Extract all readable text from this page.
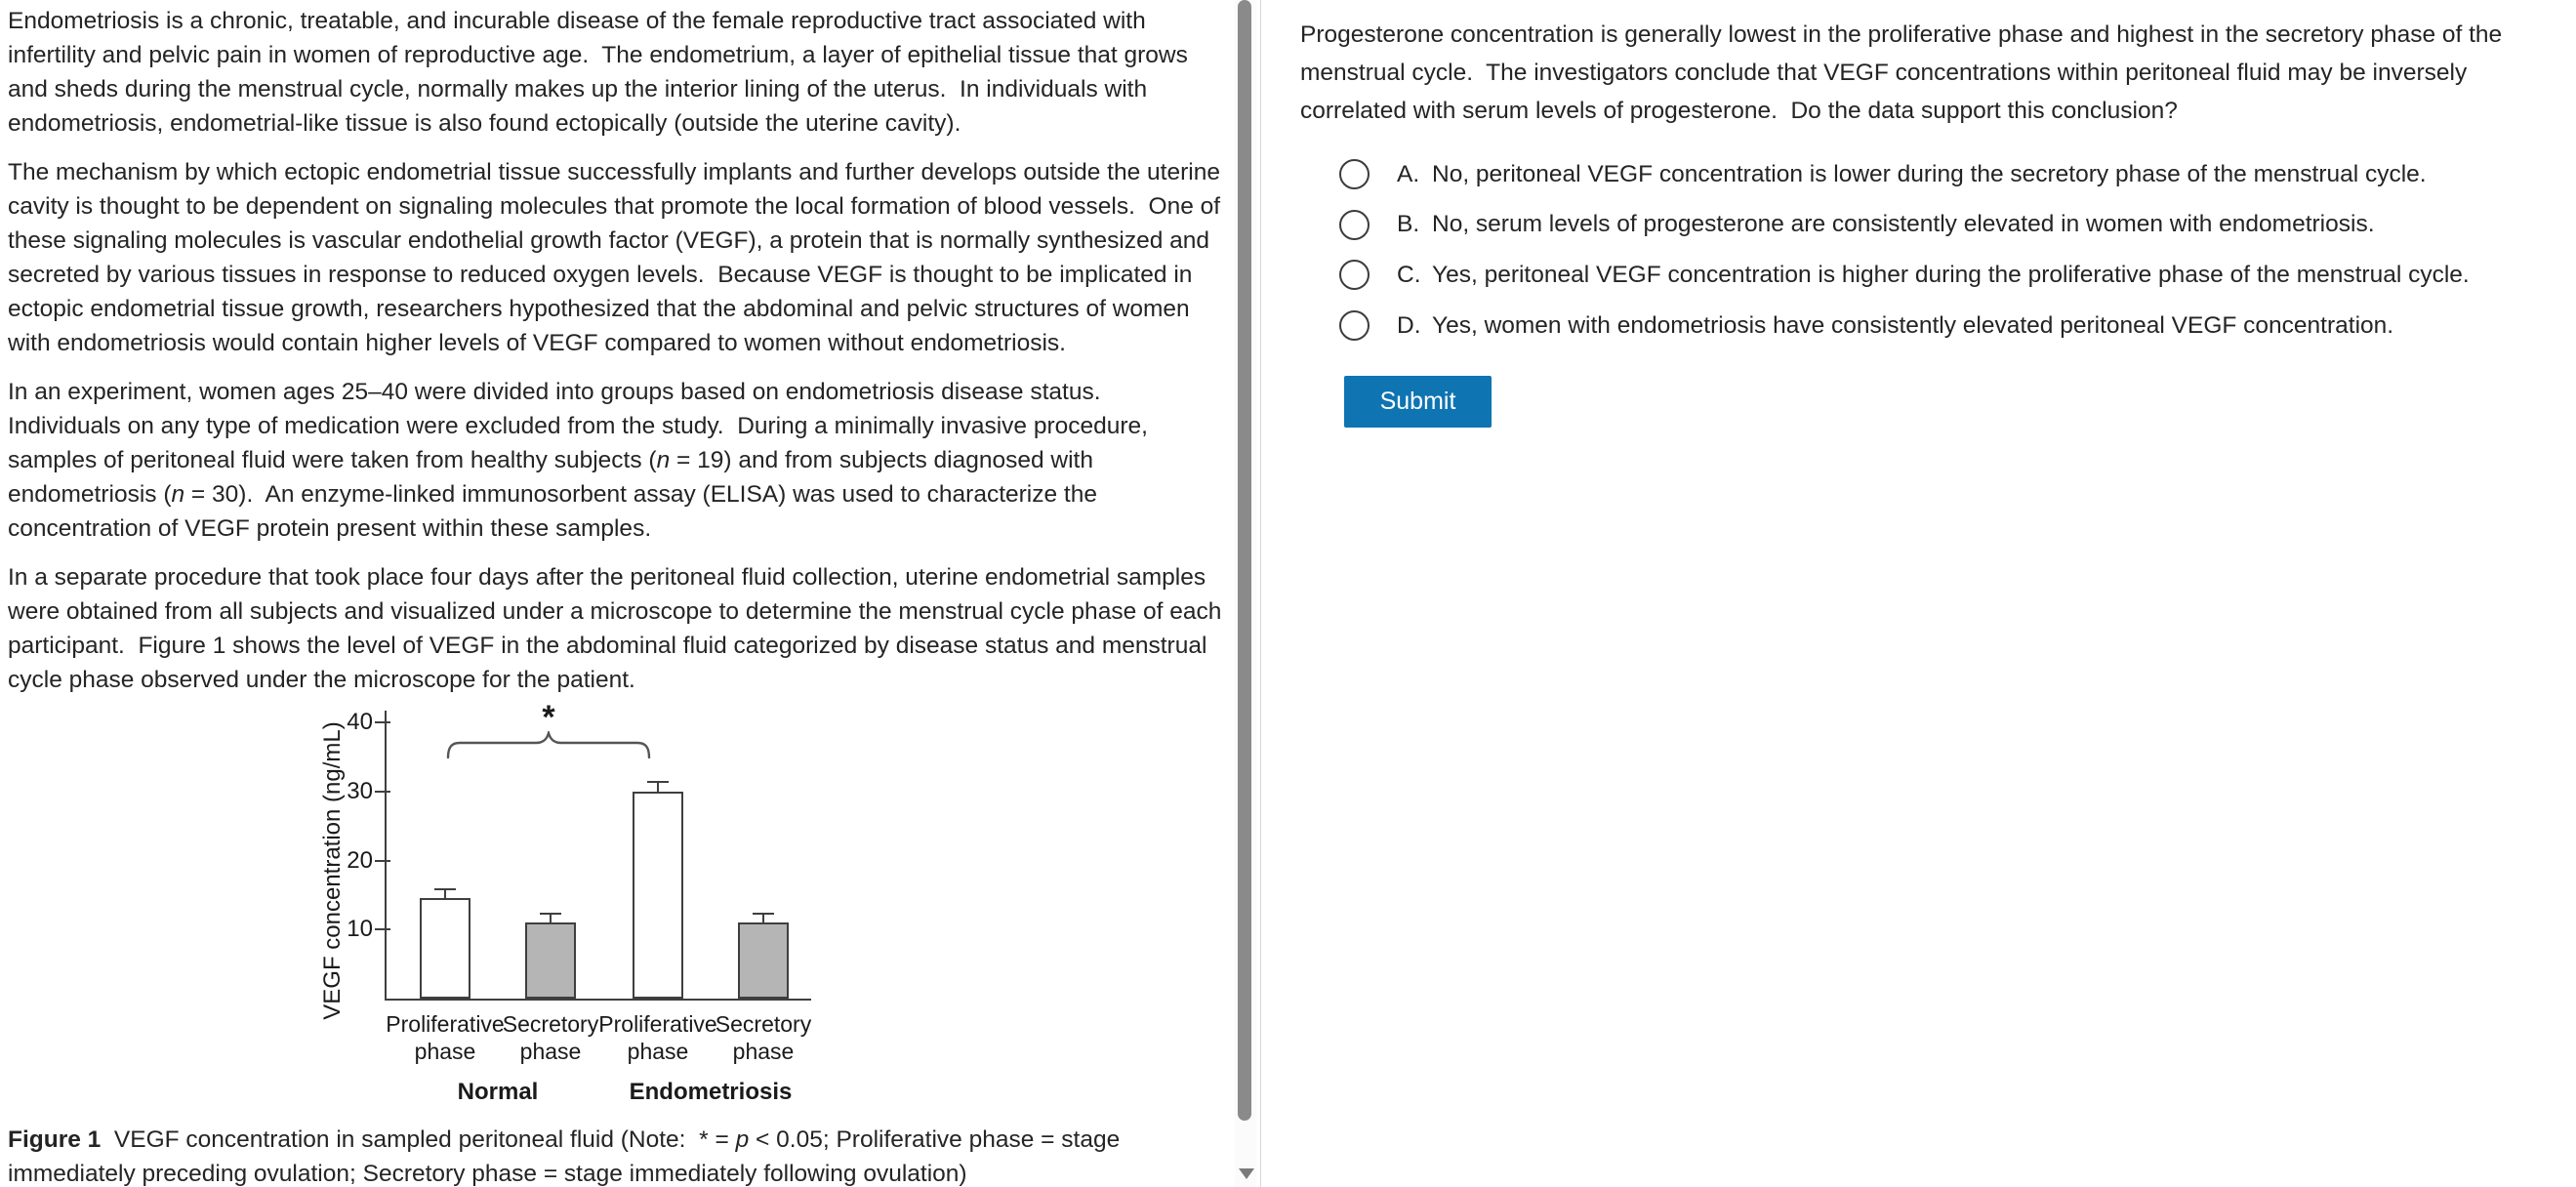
Endometriosis is a chronic, treatable, and incurable disease of the female reproductive tract associated with infertility and pelvic pain in women of reproductive age.  The endometrium, a layer of epithelial tissue that grows and sheds during the menstrual cycle, normally makes up the interior lining of the uterus.  In individuals with endometriosis, endometrial-like tissue is also found ectopically (outside the uterine cavity).

The mechanism by which ectopic endometrial tissue successfully implants and further develops outside the uterine cavity is thought to be dependent on signaling molecules that promote the local formation of blood vessels.  One of these signaling molecules is vascular endothelial growth factor (VEGF), a protein that is normally synthesized and secreted by various tissues in response to reduced oxygen levels.  Because VEGF is thought to be implicated in ectopic endometrial tissue growth, researchers hypothesized that the abdominal and pelvic structures of women with endometriosis would contain higher levels of VEGF compared to women without endometriosis.

In an experiment, women ages 25–40 were divided into groups based on endometriosis disease status.  Individuals on any type of medication were excluded from the study.  During a minimally invasive procedure, samples of peritoneal fluid were taken from healthy subjects (n = 19) and from subjects diagnosed with endometriosis (n = 30).  An enzyme-linked immunosorbent assay (ELISA) was used to characterize the concentration of VEGF protein present within these samples.

In a separate procedure that took place four days after the peritoneal fluid collection, uterine endometrial samples were obtained from all subjects and visualized under a microscope to determine the menstrual cycle phase of each participant.  Figure 1 shows the level of VEGF in the abdominal fluid categorized by disease status and menstrual cycle phase observed under the microscope for the patient.

VEGF concentration (ng/mL) 10
20
30
40
Proliferative phase
Secretory phase
Proliferative phase
Secretory phase
Normal	Endometriosis
*
Figure 1  VEGF concentration in sampled peritoneal fluid (Note:  * = p < 0.05; Proliferative phase = stage immediately preceding ovulation; Secretory phase = stage immediately following ovulation)
Progesterone concentration is generally lowest in the proliferative phase and highest in the secretory phase of the menstrual cycle.  The investigators conclude that VEGF concentrations within peritoneal fluid may be inversely correlated with serum levels of progesterone.  Do the data support this conclusion?
A. No, peritoneal VEGF concentration is lower during the secretory phase of the menstrual cycle.
B. No, serum levels of progesterone are consistently elevated in women with endometriosis.
C. Yes, peritoneal VEGF concentration is higher during the proliferative phase of the menstrual cycle.
D. Yes, women with endometriosis have consistently elevated peritoneal VEGF concentration.
Submit
